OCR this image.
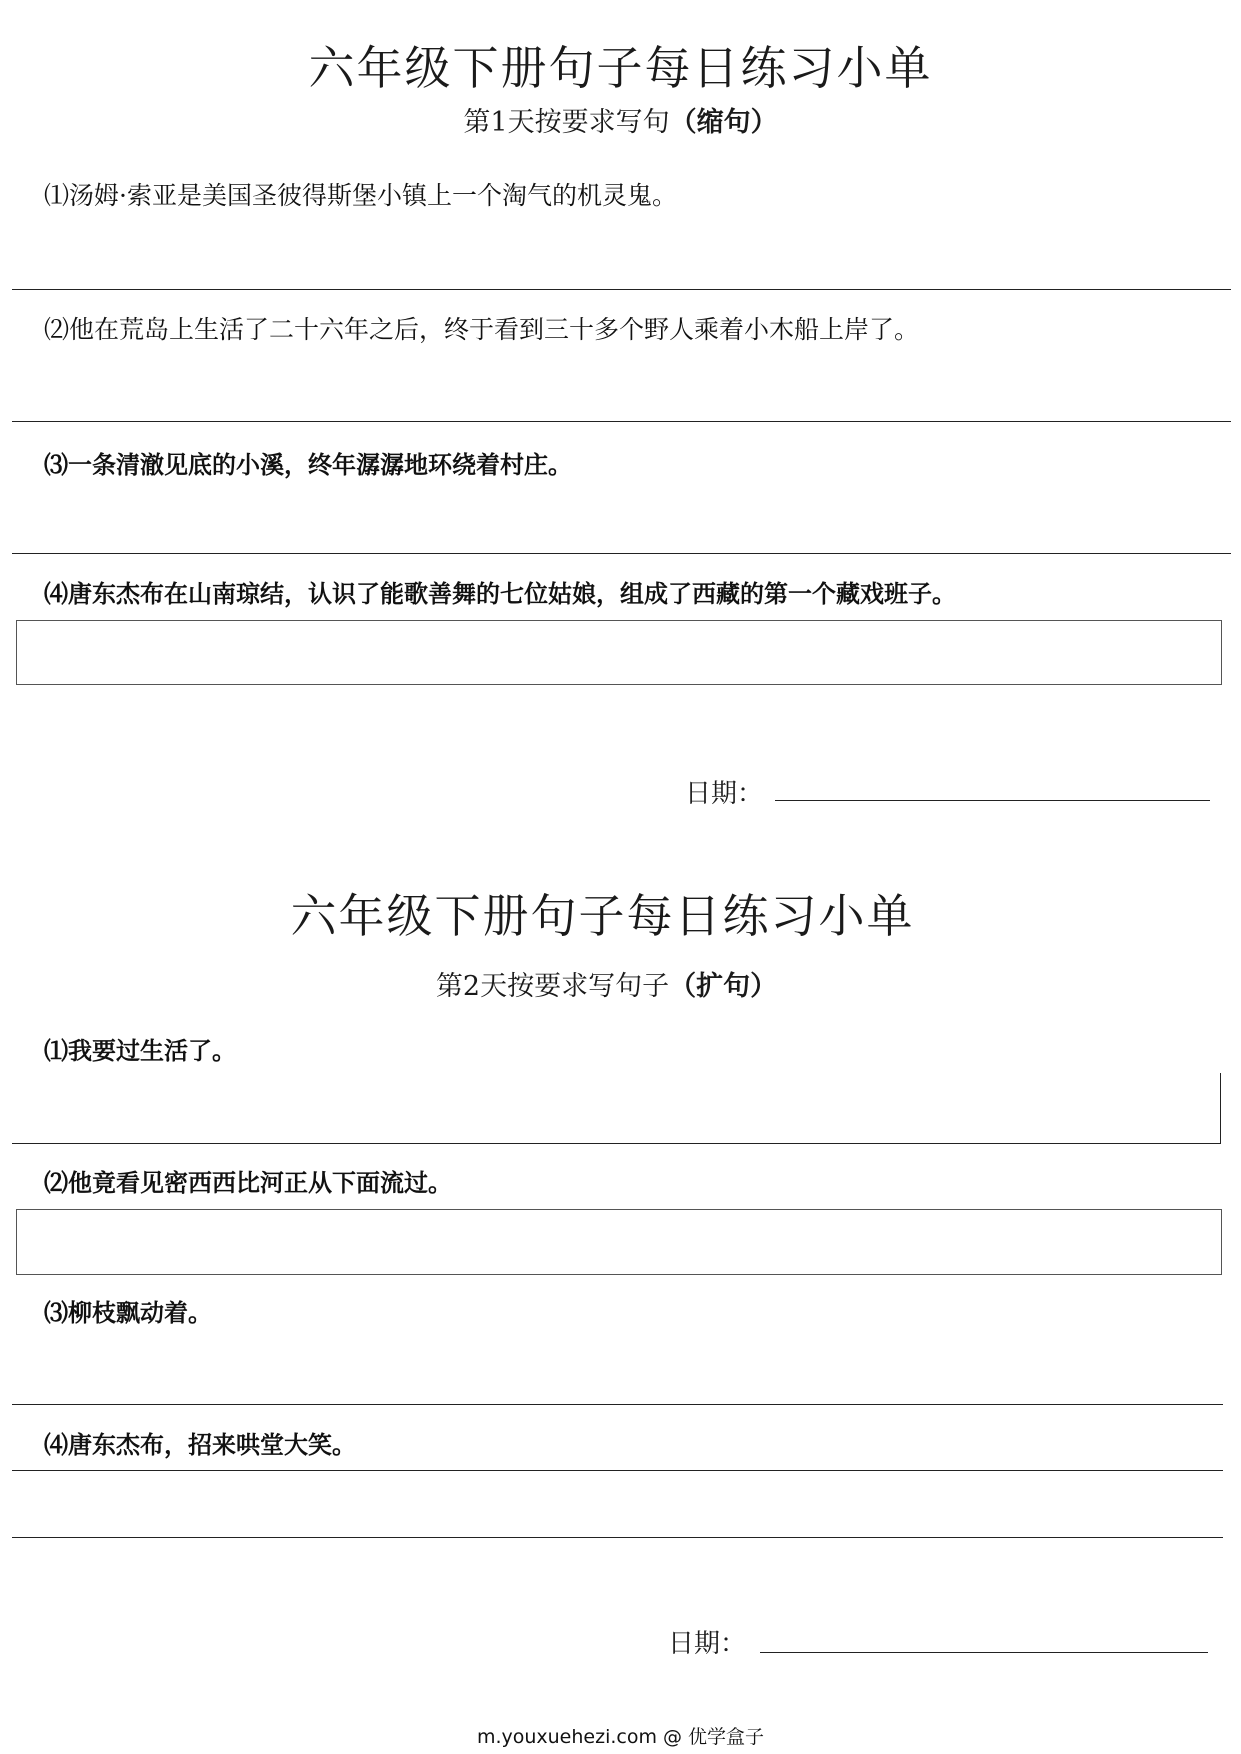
六年级下册句子每日练习小单
第1天按要求写句（缩句）
⑴汤姆·索亚是美国圣彼得斯堡小镇上一个淘气的机灵鬼。
⑵他在荒岛上生活了二十六年之后，终于看到三十多个野人乘着小木船上岸了。
⑶一条清澈见底的小溪，终年潺潺地环绕着村庄。
⑷唐东杰布在山南琼结，认识了能歌善舞的七位姑娘，组成了西藏的第一个藏戏班子。
日期：
六年级下册句子每日练习小单
第2天按要求写句子（扩句）
⑴我要过生活了。
⑵他竟看见密西西比河正从下面流过。
⑶柳枝飘动着。
⑷唐东杰布，招来哄堂大笑。
日期：
m.youxuehezi.com @ 优学盒子
